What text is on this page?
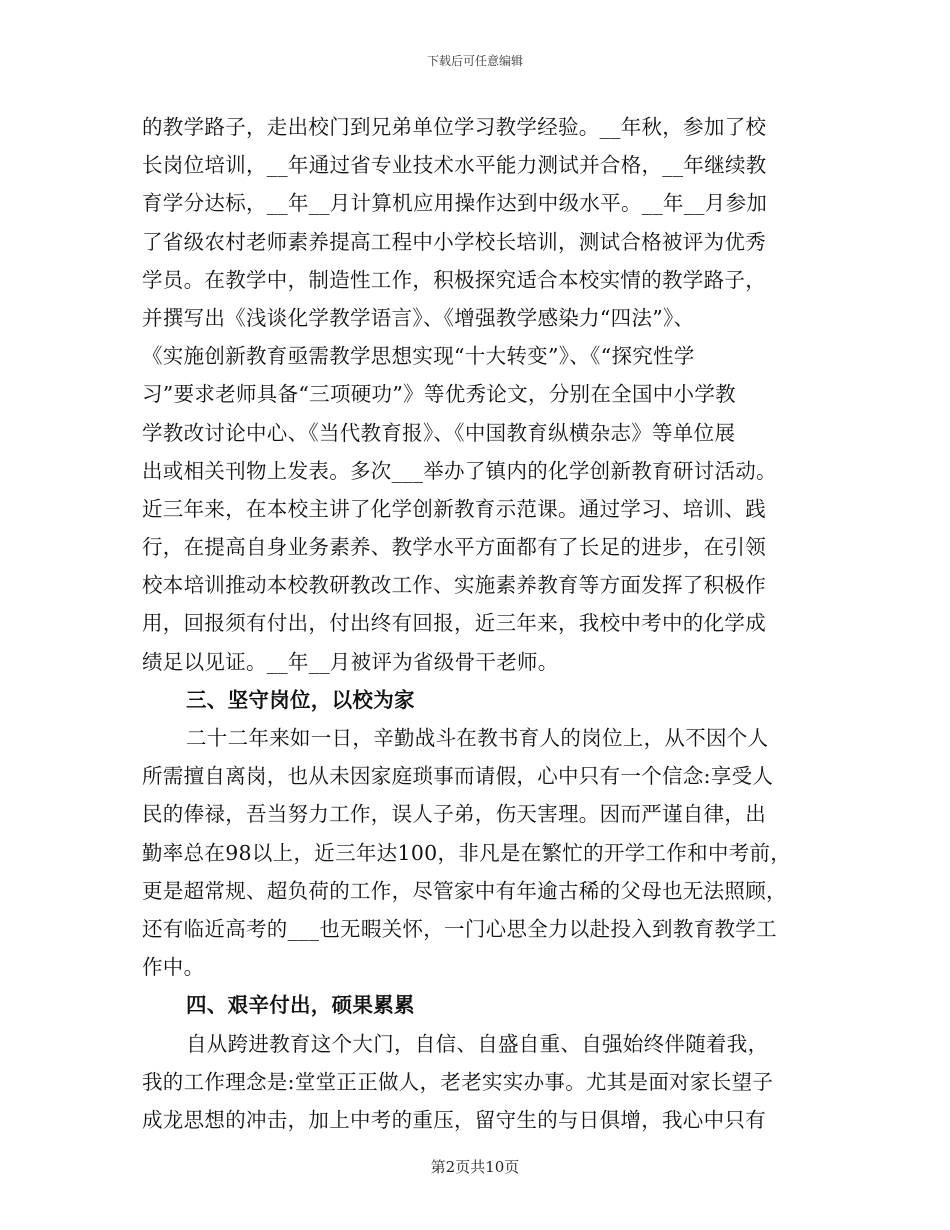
下载后可任意编辑
的教学路子，走出校门到兄弟单位学习教学经验。__年秋，参加了校
长岗位培训，__年通过省专业技术水平能力测试并合格，__年继续教
育学分达标，__年__月计算机应用操作达到中级水平。__年__月参加
了省级农村老师素养提高工程中小学校长培训，测试合格被评为优秀
学员。在教学中，制造性工作，积极探究适合本校实情的教学路子，
并撰写出《浅谈化学教学语言》、《增强教学感染力“四法”》、
《实施创新教育亟需教学思想实现“十大转变”》、《“探究性学
习”要求老师具备“三项硬功”》等优秀论文，分别在全国中小学教
学教改讨论中心、《当代教育报》、《中国教育纵横杂志》等单位展
出或相关刊物上发表。多次___举办了镇内的化学创新教育研讨活动。
近三年来，在本校主讲了化学创新教育示范课。通过学习、培训、践
行，在提高自身业务素养、教学水平方面都有了长足的进步，在引领
校本培训推动本校教研教改工作、实施素养教育等方面发挥了积极作
用，回报须有付出，付出终有回报，近三年来，我校中考中的化学成
绩足以见证。__年__月被评为省级骨干老师。
三、坚守岗位，以校为家
二十二年来如一日，辛勤战斗在教书育人的岗位上，从不因个人
所需擅自离岗，也从未因家庭琐事而请假，心中只有一个信念:享受人
民的俸禄，吾当努力工作，误人子弟，伤天害理。因而严谨自律，出
勤率总在98以上，近三年达100，非凡是在繁忙的开学工作和中考前，
更是超常规、超负荷的工作，尽管家中有年逾古稀的父母也无法照顾，
还有临近高考的___也无暇关怀，一门心思全力以赴投入到教育教学工
作中。
四、艰辛付出，硕果累累
自从跨进教育这个大门，自信、自盛自重、自强始终伴随着我，
我的工作理念是:堂堂正正做人，老老实实办事。尤其是面对家长望子
成龙思想的冲击，加上中考的重压，留守生的与日俱增，我心中只有
第2页共10页
